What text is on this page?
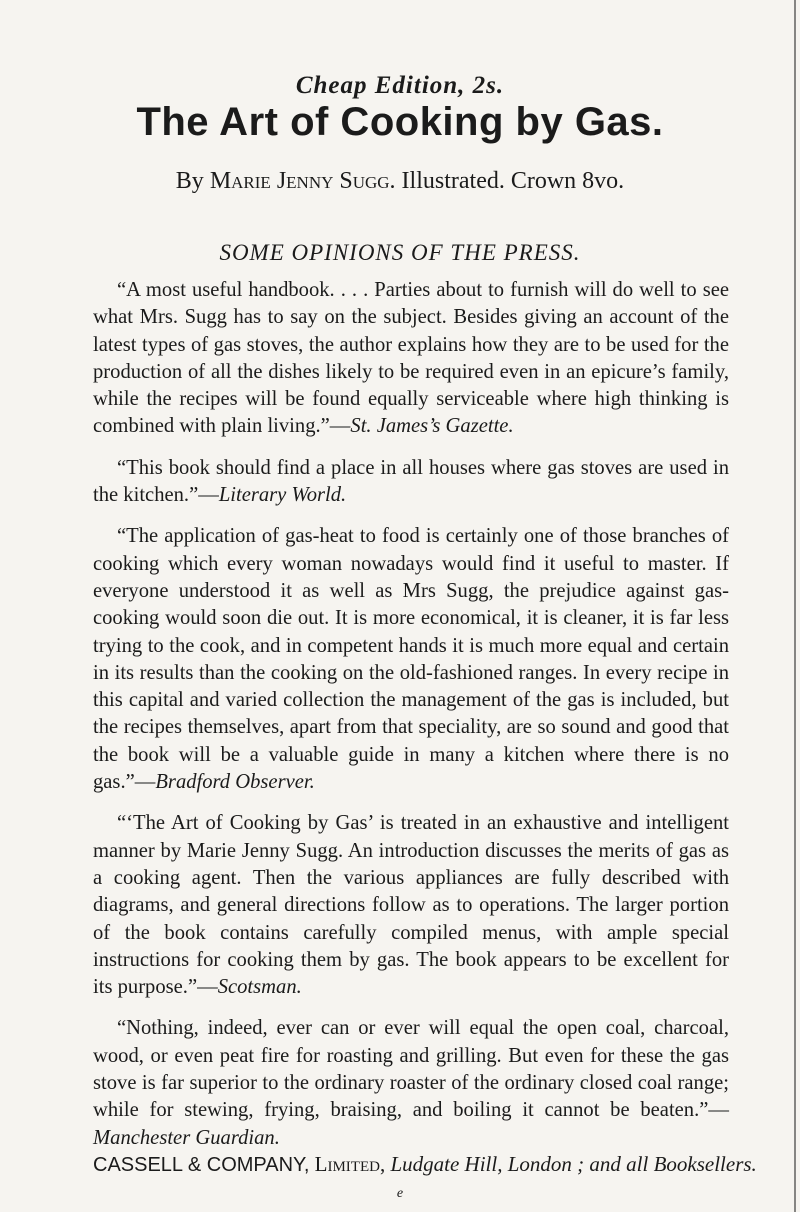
Cheap Edition, 2s.
The Art of Cooking by Gas.
By Marie Jenny Sugg. Illustrated. Crown 8vo.
SOME OPINIONS OF THE PRESS.

“A most useful handbook. . . . Parties about to furnish will do well to see what Mrs. Sugg has to say on the subject. Besides giving an account of the latest types of gas stoves, the author explains how they are to be used for the production of all the dishes likely to be required even in an epicure’s family, while the recipes will be found equally serviceable where high thinking is combined with plain living.”—St. James’s Gazette.

“This book should find a place in all houses where gas stoves are used in the kitchen.”—Literary World.

“The application of gas-heat to food is certainly one of those branches of cooking which every woman nowadays would find it useful to master. If everyone understood it as well as Mrs Sugg, the prejudice against gas-cooking would soon die out. It is more economical, it is cleaner, it is far less trying to the cook, and in competent hands it is much more equal and certain in its results than the cooking on the old-fashioned ranges. In every recipe in this capital and varied collection the management of the gas is included, but the recipes themselves, apart from that speciality, are so sound and good that the book will be a valuable guide in many a kitchen where there is no gas.”—Bradford Observer.

“‘The Art of Cooking by Gas’ is treated in an exhaustive and intelligent manner by Marie Jenny Sugg. An introduction discusses the merits of gas as a cooking agent. Then the various appliances are fully described with diagrams, and general directions follow as to operations. The larger portion of the book contains carefully compiled menus, with ample special instructions for cooking them by gas. The book appears to be excellent for its purpose.”—Scotsman.

“Nothing, indeed, ever can or ever will equal the open coal, charcoal, wood, or even peat fire for roasting and grilling. But even for these the gas stove is far superior to the ordinary roaster of the ordinary closed coal range; while for stewing, frying, braising, and boiling it cannot be beaten.”—Manchester Guardian.

CASSELL & COMPANY, Limited, Ludgate Hill, London ; and all Booksellers.
e
